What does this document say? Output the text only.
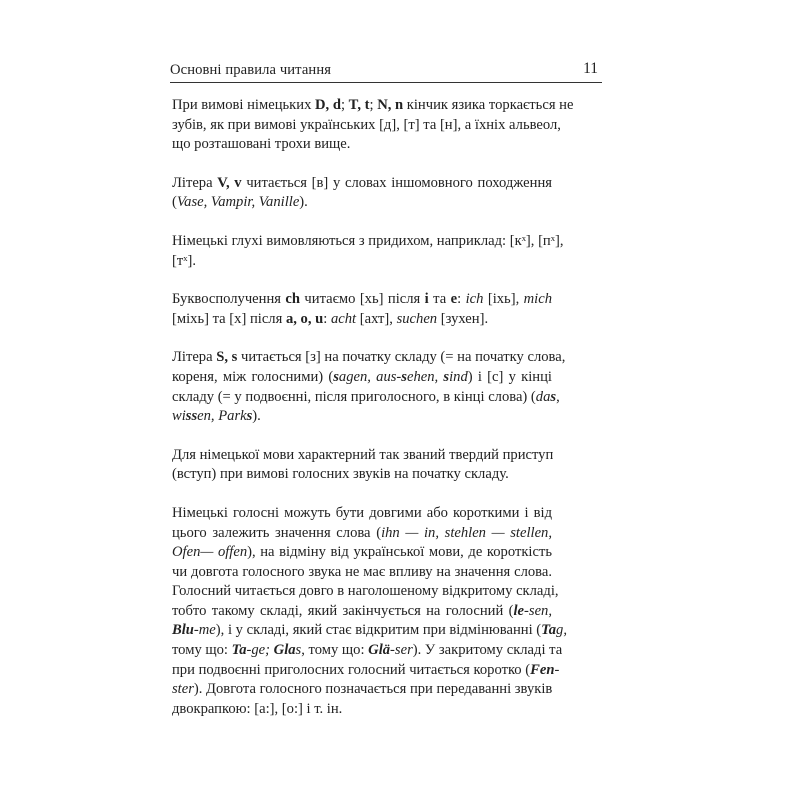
Основні правила читання	11

При вимові німецьких D, d; T, t; N, n кінчик язика торкається не
зубів, як при вимові українських [д], [т] та [н], а їхніх альвеол,
що розташовані трохи вище.

Літера V, v читається [в] у словах іншомовного походження
(Vase, Vampir, Vanille).

Німецькі глухі вимовляються з придихом, наприклад: [кˣ], [пˣ],
[тˣ].

Буквосполучення ch читаємо [хь] після i та e: ich [іхь], mich
[міхь] та [х] після a, o, u: acht [ахт], suchen [зухен].

Літера S, s читається [з] на початку складу (= на початку слова,
кореня, між голосними) (sagen, aus-sehen, sind) і [с] у кінці
складу (= у подвоєнні, після приголосного, в кінці слова) (das,
wissen, Parks).

Для німецької мови характерний так званий твердий приступ
(вступ) при вимові голосних звуків на початку складу.

Німецькі голосні можуть бути довгими або короткими і від
цього залежить значення слова (ihn — in, stehlen — stellen,
Ofen— offen), на відміну від української мови, де короткість
чи довгота голосного звука не має впливу на значення слова.
Голосний читається довго в наголошеному відкритому складі,
тобто такому складі, який закінчується на голосний (le-sen,
Blu-me), і у складі, який стає відкритим при відмінюванні (Tag,
тому що: Ta-ge; Glas, тому що: Glä-ser). У закритому складі та
при подвоєнні приголосних голосний читається коротко (Fen-
ster). Довгота голосного позначається при передаванні звуків
двокрапкою: [а:], [о:] і т. ін.
